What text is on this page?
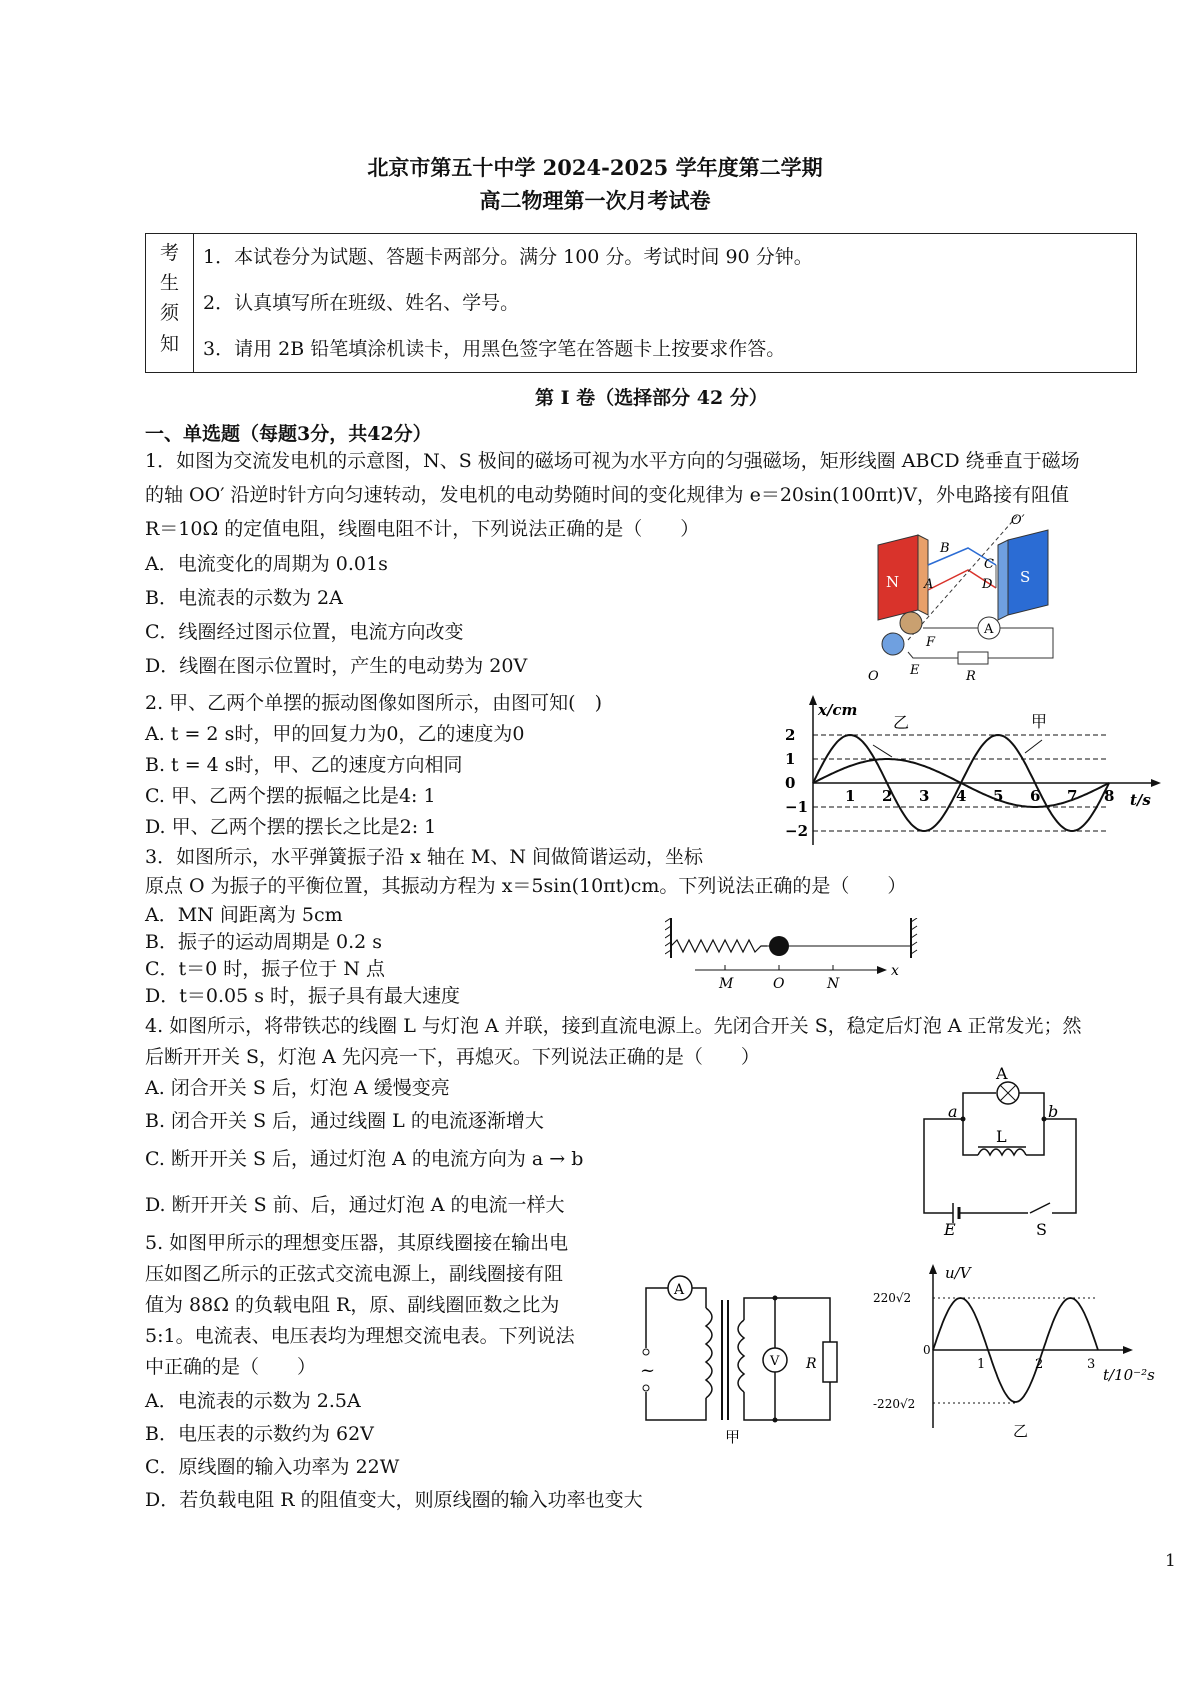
北京市第五十中学 2024-2025 学年度第二学期
高二物理第一次月考试卷
考
生
须
知
1．本试卷分为试题、答题卡两部分。满分 100 分。考试时间 90 分钟。
2．认真填写所在班级、姓名、学号。
3．请用 2B 铅笔填涂机读卡，用黑色签字笔在答题卡上按要求作答。
第 I 卷（选择部分 42 分）
一、单选题（每题3分，共42分）
1．如图为交流发电机的示意图，N、S 极间的磁场可视为水平方向的匀强磁场，矩形线圈 ABCD 绕垂直于磁场
的轴 OO′ 沿逆时针方向匀速转动，发电机的电动势随时间的变化规律为 e＝20sin(100πt)V，外电路接有阻值
R＝10Ω 的定值电阻，线圈电阻不计，下列说法正确的是（　　）
A．电流变化的周期为 0.01s
B．电流表的示数为 2A
C．线圈经过图示位置，电流方向改变
D．线圈在图示位置时，产生的电动势为 20V
N	S
A
B
C
D
O′
O E
F
A
R
2. 甲、乙两个单摆的振动图像如图所示，由图可知(　)
A. t = 2 s时，甲的回复力为0，乙的速度为0
B. t = 4 s时，甲、乙的速度方向相同
C. 甲、乙两个摆的振幅之比是4: 1
D. 甲、乙两个摆的摆长之比是2: 1
x/cm
t/s
1 2 3 4 5 6 7 8
2
1
0
−1
−2
乙	甲
3．如图所示，水平弹簧振子沿 x 轴在 M、N 间做简谐运动，坐标
原点 O 为振子的平衡位置，其振动方程为 x＝5sin(10πt)cm。下列说法正确的是（　　）
A．MN 间距离为 5cm
B．振子的运动周期是 0.2 s
C．t＝0 时，振子位于 N 点
D．t＝0.05 s 时，振子具有最大速度
M	O	N
x
4. 如图所示，将带铁芯的线圈 L 与灯泡 A 并联，接到直流电源上。先闭合开关 S，稳定后灯泡 A 正常发光；然
后断开开关 S，灯泡 A 先闪亮一下，再熄灭。下列说法正确的是（　　）
A. 闭合开关 S 后，灯泡 A 缓慢变亮
B. 闭合开关 S 后，通过线圈 L 的电流逐渐增大
C. 断开开关 S 后，通过灯泡 A 的电流方向为 a → b
D. 断开开关 S 前、后，通过灯泡 A 的电流一样大
A
a	b
L
E	S
5. 如图甲所示的理想变压器，其原线圈接在输出电
压如图乙所示的正弦式交流电源上，副线圈接有阻
值为 88Ω 的负载电阻 R，原、副线圈匝数之比为
5:1。电流表、电压表均为理想交流电表。下列说法
中正确的是（　　）
A．电流表的示数为 2.5A
B．电压表的示数约为 62V
C．原线圈的输入功率为 22W
D．若负载电阻 R 的阻值变大，则原线圈的输入功率也变大
A
~	R
V
甲
u/V
220√2
0
-220√2
1	2	3
t/10⁻²s
乙
1
